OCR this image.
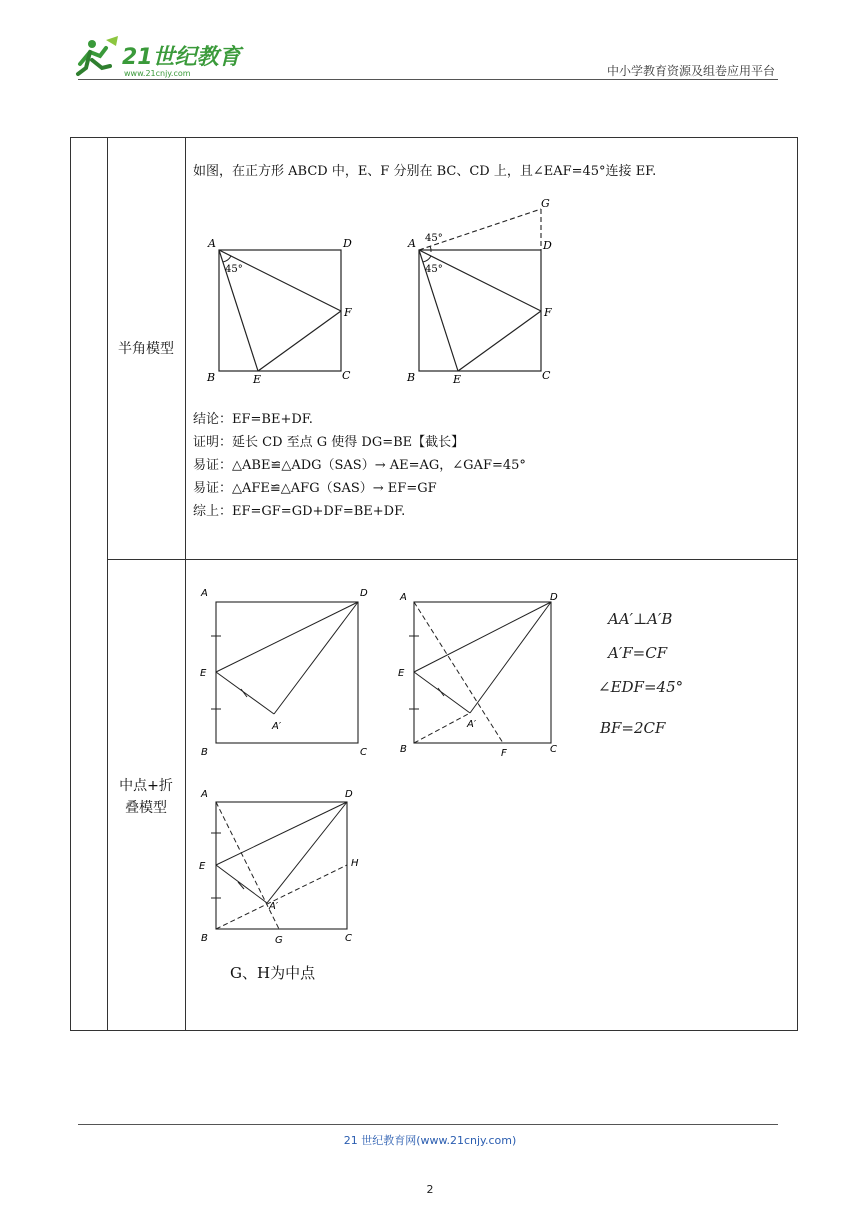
21世纪教育
www.21cnjy.com	中小学教育资源及组卷应用平台
半角模型
如图，在正方形 ABCD 中，E、F 分别在 BC、CD 上，且∠EAF=45°连接 EF.
A	D
B	C
E
F
45°
A	D
G
B	C
E
F
45°
45°
结论：EF=BE+DF.
证明：延长 CD 至点 G 使得 DG=BE【截长】
易证：△ABE≌△ADG（SAS）→ AE=AG，∠GAF=45°
易证：△AFE≌△AFG（SAS）→ EF=GF
综上：EF=GF=GD+DF=BE+DF.
中点+折
叠模型
A	D
E
B	C
A′
A	D
E
B	C
F
A′
AA′⊥A′B
A′F=CF
∠EDF=45°
BF=2CF
A	D
E	H
B	C
G
A′
G、H为中点
21 世纪教育网(www.21cnjy.com)
2
